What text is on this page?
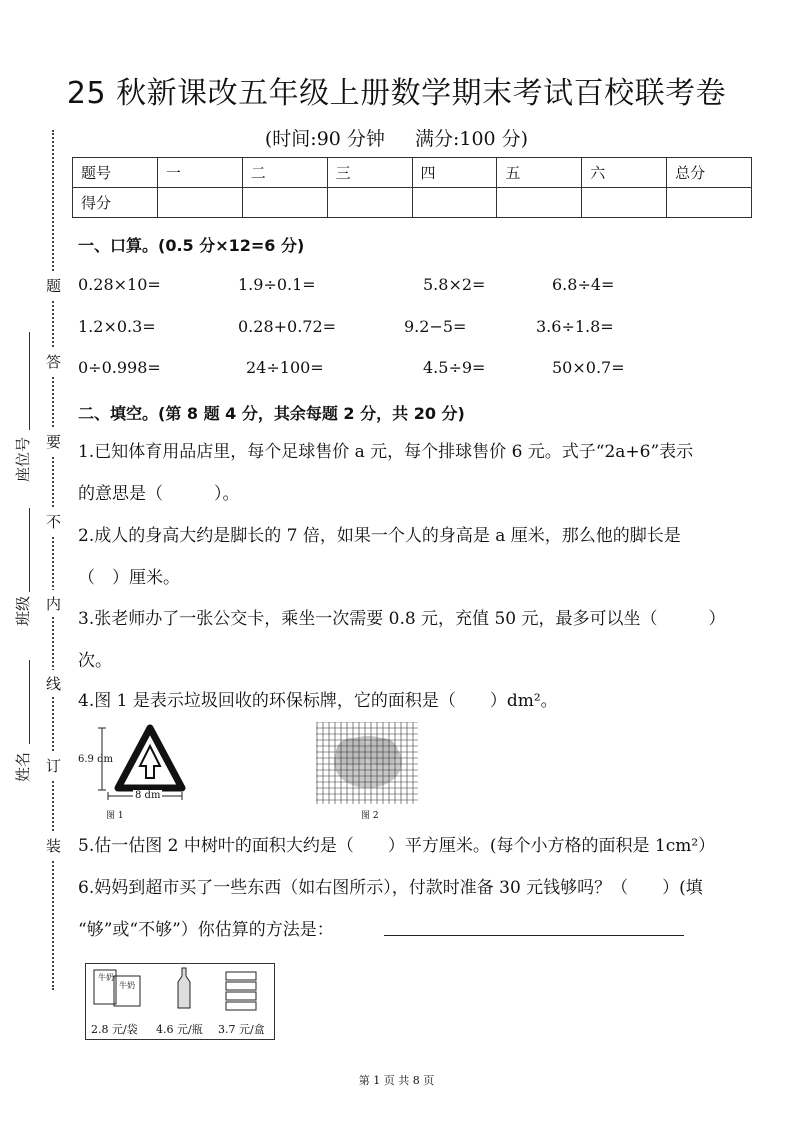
25 秋新课改五年级上册数学期末考试百校联考卷
(时间:90 分钟 满分:100 分)
题号	一	二	三	四	五	六	总分
得分							
题
答
要
不
内
线
订
装
座位号
班级
姓名
一、口算。(0.5 分×12=6 分)
0.28×10=	1.9÷0.1=	5.8×2=	6.8÷4=
1.2×0.3=	0.28+0.72=	9.2−5=	3.6÷1.8=
0÷0.998=	24÷100=	4.5÷9=	50×0.7=
二、填空。(第 8 题 4 分，其余每题 2 分，共 20 分)
1.已知体育用品店里，每个足球售价 a 元，每个排球售价 6 元。式子“2a+6”表示
的意思是（　　　）。
2.成人的身高大约是脚长的 7 倍，如果一个人的身高是 a 厘米，那么他的脚长是
（　）厘米。
3.张老师办了一张公交卡，乘坐一次需要 0.8 元，充值 50 元，最多可以坐（　　　）
次。
4.图 1 是表示垃圾回收的环保标牌，它的面积是（　　）dm²。
6.9 dm
8 dm
图 1	图 2
5.估一估图 2 中树叶的面积大约是（　　）平方厘米。(每个小方格的面积是 1cm²）
6.妈妈到超市买了一些东西（如右图所示），付款时准备 30 元钱够吗？（　　）(填
“够”或“不够”）你估算的方法是：
牛奶
牛奶
2.8 元/袋 4.6 元/瓶 3.7 元/盒
第 1 页 共 8 页
